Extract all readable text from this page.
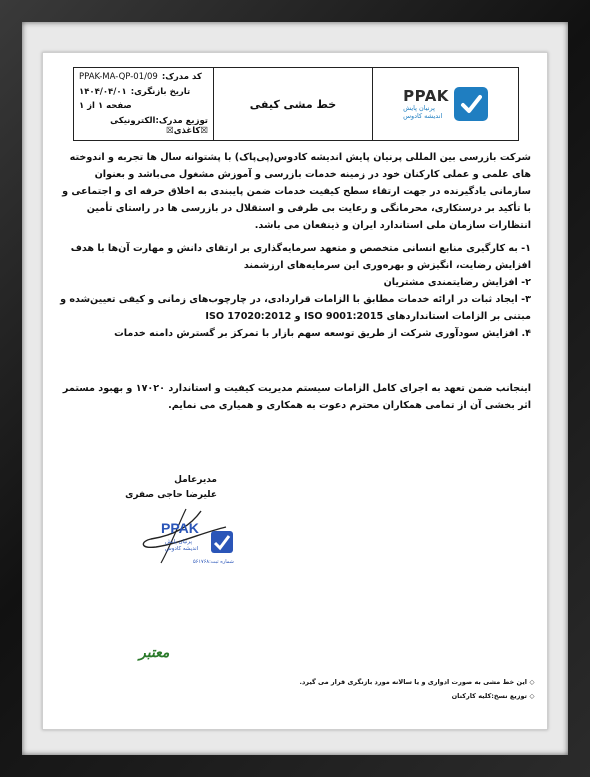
کد مدرک:
PPAK-MA-QP-01/09
تاریخ بازنگری:
۱۴۰۴/۰۴/۰۱
صفحه ۱ از ۱
توزیع مدرک:الکترونیکی ☒کاغذی☒
خط مشی کیفی	PPAK
پرنیان پایش
اندیشه کادوس

شرکت بازرسی بین المللی پرنیان پایش اندیشه کادوس(پی‌پاک) با پشتوانه سال ها تجربه و اندوخته های علمی و عملی کارکنان خود در زمینه خدمات بازرسی و آموزش مشغول می‌باشد و بعنوان سازمانی یادگیرنده در جهت ارتقاء سطح کیفیت خدمات ضمن پایبندی به اخلاق حرفه ای و اجتماعی و با تأکید بر درستکاری، محرمانگی و رعایت بی طرفی و استقلال در بازرسی ها در راستای تأمین انتظارات سازمان ملی استاندارد ایران و ذینفعان می باشد.

۱- به کارگیری منابع انسانی متخصص و متعهد سرمایه‌گذاری بر ارتقای دانش و مهارت آن‌ها با هدف افزایش رضایت، انگیزش و بهره‌وری این سرمایه‌های ارزشمند

۲- افزایش رضایتمندی مشتریان

۳- ایجاد ثبات در ارائه خدمات مطابق با الزامات قراردادی، در چارچوب‌های زمانی و کیفی تعیین‌شده و مبتنی بر الزامات استانداردهای ISO 9001:2015 و ISO 17020:2012

۴. افزایش سودآوری شرکت از طریق توسعه سهم بازار با تمرکز بر گسترش دامنه خدمات

اینجانب ضمن تعهد به اجرای کامل الزامات سیستم مدیریت کیفیت و استاندارد ۱۷۰۲۰ و بهبود مستمر اثر بخشی آن از تمامی همکاران محترم دعوت به همکاری و همیاری می نمایم.

مدیرعامل
علیرضا حاجی صفری
PPAK
پرنیان پایش
اندیشه کادوس
شماره ثبت:۵۶۱۷۶۸
معتبر
◇این خط مشی به صورت ادواری و یا سالانه مورد بازنگری قرار می گیرد.
◇توزیع نسخ:کلیه کارکنان
